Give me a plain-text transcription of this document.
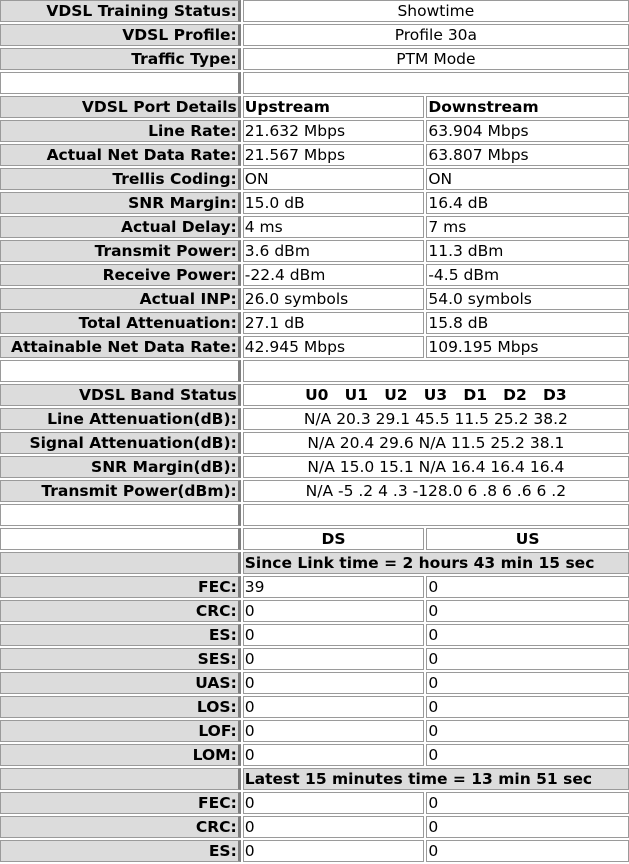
VDSL Training Status:	Showtime	
VDSL Profile:	Profile 30a	
Traffic Type:	PTM Mode	

VDSL Port Details	Upstream	Downstream
Line Rate:	21.632 Mbps	63.904 Mbps
Actual Net Data Rate:	21.567 Mbps	63.807 Mbps
Trellis Coding:	ON	ON
SNR Margin:	15.0 dB	16.4 dB
Actual Delay:	4 ms	7 ms
Transmit Power:	3.6 dBm	11.3 dBm
Receive Power:	-22.4 dBm	-4.5 dBm
Actual INP:	26.0 symbols	54.0 symbols
Total Attenuation:	27.1 dB	15.8 dB
Attainable Net Data Rate:	42.945 Mbps	109.195 Mbps

VDSL Band Status	U0   U1   U2   U3   D1   D2   D3	
Line Attenuation(dB):	N/A 20.3 29.1 45.5 11.5 25.2 38.2	
Signal Attenuation(dB):	N/A 20.4 29.6 N/A 11.5 25.2 38.1	
SNR Margin(dB):	N/A 15.0 15.1 N/A 16.4 16.4 16.4	
Transmit Power(dBm):	N/A -5 .2 4 .3 -128.0 6 .8 6 .6 6 .2	

	DS	US
	Since Link time = 2 hours 43 min 15 sec	
FEC:	39	0
CRC:	0	0
ES:	0	0
SES:	0	0
UAS:	0	0
LOS:	0	0
LOF:	0	0
LOM:	0	0
	Latest 15 minutes time = 13 min 51 sec	
FEC:	0	0
CRC:	0	0
ES:	0	0
